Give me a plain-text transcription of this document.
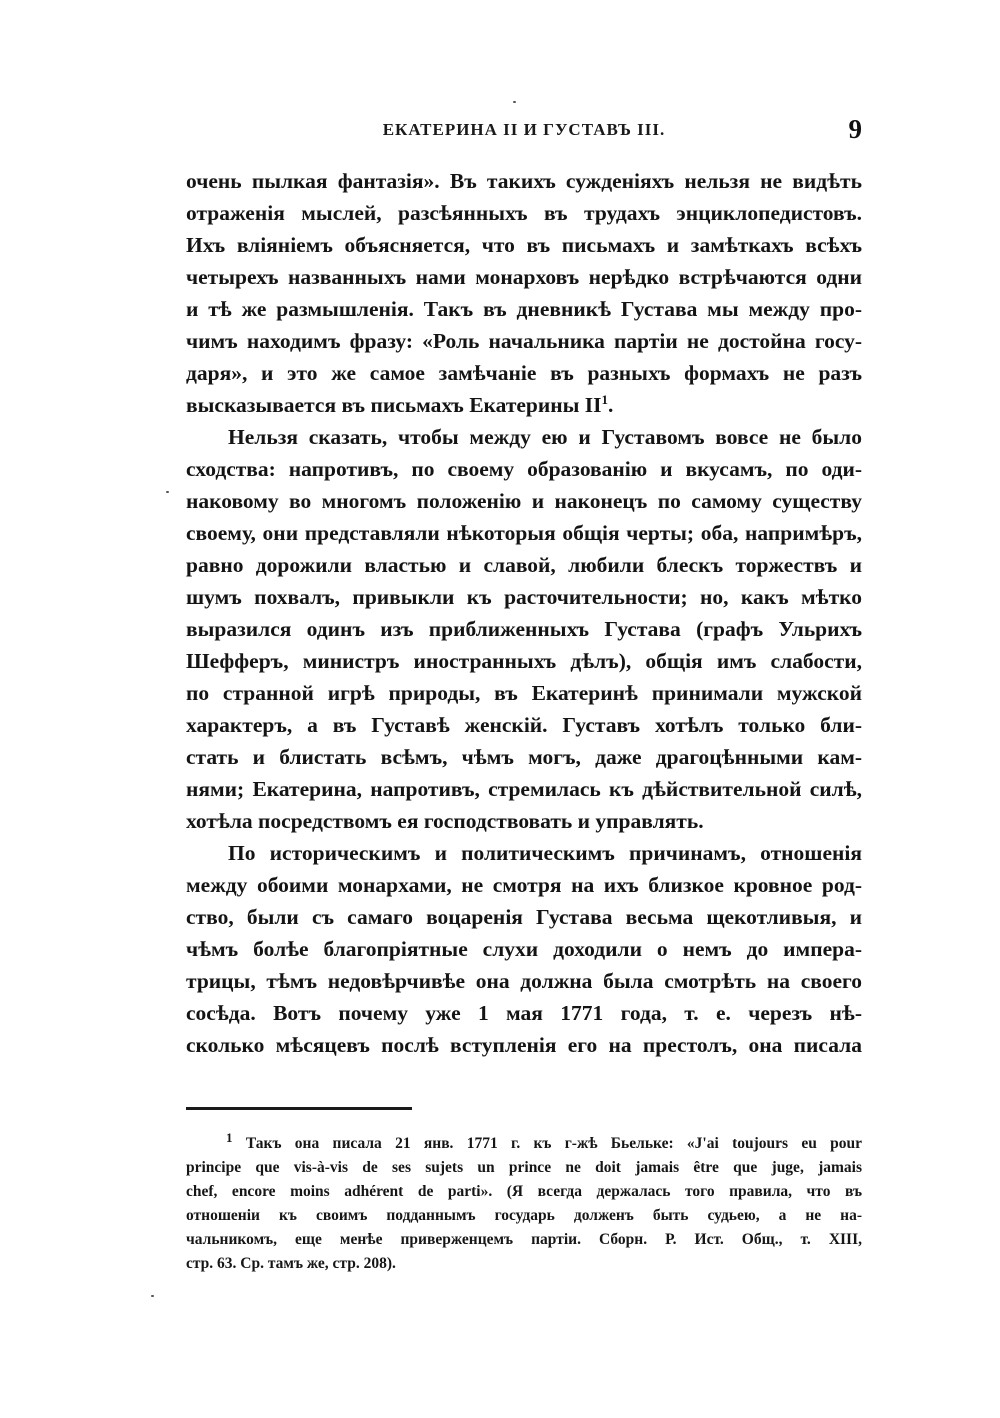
ЕКАТЕРИНА II И ГУСТАВЪ III.	9
очень пылкая фантазія». Въ такихъ сужденіяхъ нельзя не видѣть
отраженія мыслей, разсѣянныхъ въ трудахъ энциклопедистовъ.
Ихъ вліяніемъ объясняется, что въ письмахъ и замѣткахъ всѣхъ
четырехъ названныхъ нами монарховъ нерѣдко встрѣчаются одни
и тѣ же размышленія. Такъ въ дневникѣ Густава мы между про-
чимъ находимъ фразу: «Роль начальника партіи не достойна госу-
даря», и это же самое замѣчаніе въ разныхъ формахъ не разъ
высказывается въ письмахъ Екатерины $II^1$.
Нельзя сказать, чтобы между ею и Густавомъ вовсе не было
сходства: напротивъ, по своему образованію и вкусамъ, по оди-
наковому во многомъ положенію и наконецъ по самому существу
своему, они представляли нѣкоторыя общія черты; оба, напримѣръ,
равно дорожили властью и славой, любили блескъ торжествъ и
шумъ похвалъ, привыкли къ расточительности; но, какъ мѣтко
выразился одинъ изъ приближенныхъ Густава (графъ Ульрихъ
Шефферъ, министръ иностранныхъ дѣлъ), общія имъ слабости,
по странной игрѣ природы, въ Екатеринѣ принимали мужской
характеръ, а въ Густавѣ женскій. Густавъ хотѣлъ только бли-
стать и блистать всѣмъ, чѣмъ могъ, даже драгоцѣнными кам-
нями; Екатерина, напротивъ, стремилась къ дѣйствительной силѣ,
хотѣла посредствомъ ея господствовать и управлять.
По историческимъ и политическимъ причинамъ, отношенія
между обоими монархами, не смотря на ихъ близкое кровное род-
ство, были съ самаго воцаренія Густава весьма щекотливыя, и
чѣмъ болѣе благопріятные слухи доходили о немъ до импера-
трицы, тѣмъ недовѣрчивѣе она должна была смотрѣть на своего
сосѣда. Вотъ почему уже 1 мая 1771 года, т. е. черезъ нѣ-
сколько мѣсяцевъ послѣ вступленія его на престолъ, она писала
$^1$ Такъ она писала 21 янв. 1771 г. къ г-жѣ Бьельке: «J'ai toujours eu pour
principe que vis-à-vis de ses sujets un prince ne doit jamais être que juge, jamais
chef, encore moins adhérent de parti». (Я всегда держалась того правила, что въ
отношеніи къ своимъ подданнымъ государь долженъ быть судьею, а не на-
чальникомъ, еще менѣе приверженцемъ партіи. Сборн. Р. Ист. Общ., т. XIII,
стр. 63. Ср. тамъ же, стр. 208).
